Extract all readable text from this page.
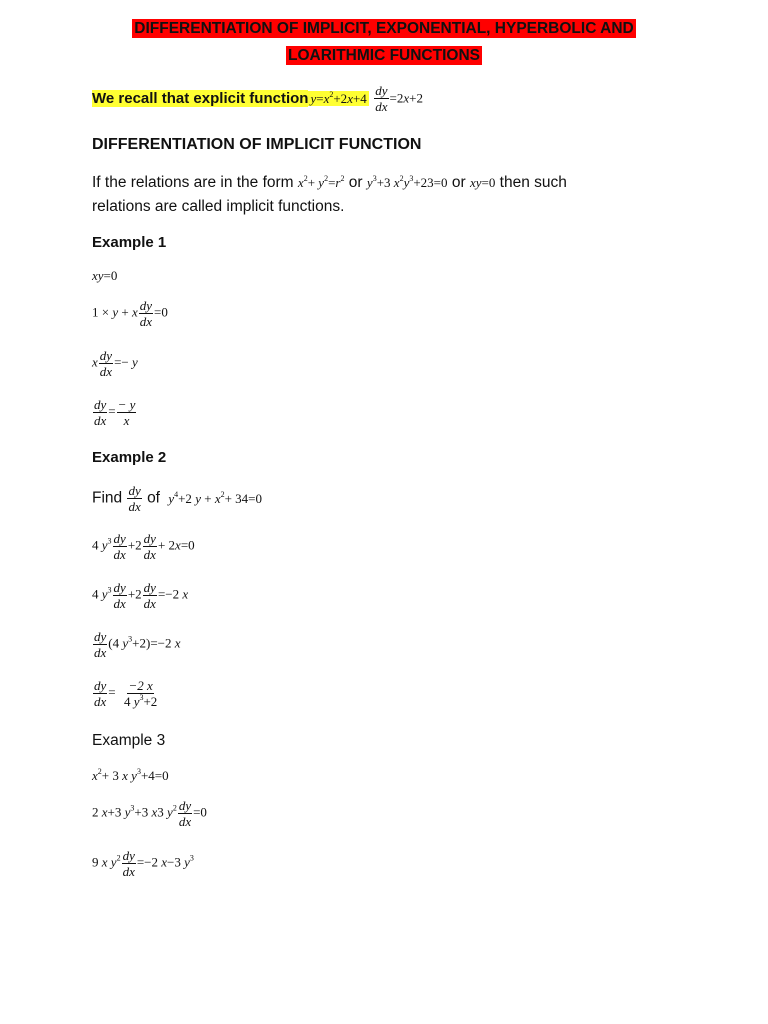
DIFFERENTIATION OF IMPLICIT, EXPONENTIAL, HYPERBOLIC AND
LOARITHMIC FUNCTIONS
We recall that explicit function $y=x^2+2x+4 \frac{dy}{dx} =2x+2$
DIFFERENTIATION OF IMPLICIT FUNCTION
If the relations are in the form $x^2+ y^2=r^2$ or $y^3+3$ $x^2y^3+23=0$ or xy=0 then such
relations are called implicit functions.
Example 1
xy=0
1 × y + x $\frac{dy}{dx} =0$
x $\frac{dy}{dx} =- y$
$\frac{dy}{dx} = \frac{- y}{x}$
Example 2
Find $\frac{dy}{dx}$ of $y^4+2$ $y + x^2+ 34=0$
4 $y^3 \frac{dy}{dx} +2 \frac{dy}{dx} + 2x=0$
4 $y^3 \frac{dy}{dx} +2 \frac{dy}{dx} =-2$ x
$\frac{dy}{dx} (4$ $y^3+2)=-2$ x
$\frac{dy}{dx} = \frac{-2 x}{4 y^3+2}$
Example 3
$x^2+ 3$ x $y^3+4=0$
2 x+3 $y^3+3$ x3 $y^2 \frac{dy}{dx} =0$
9 x $y^2 \frac{dy}{dx} =-2$ x−3 $y^3$
